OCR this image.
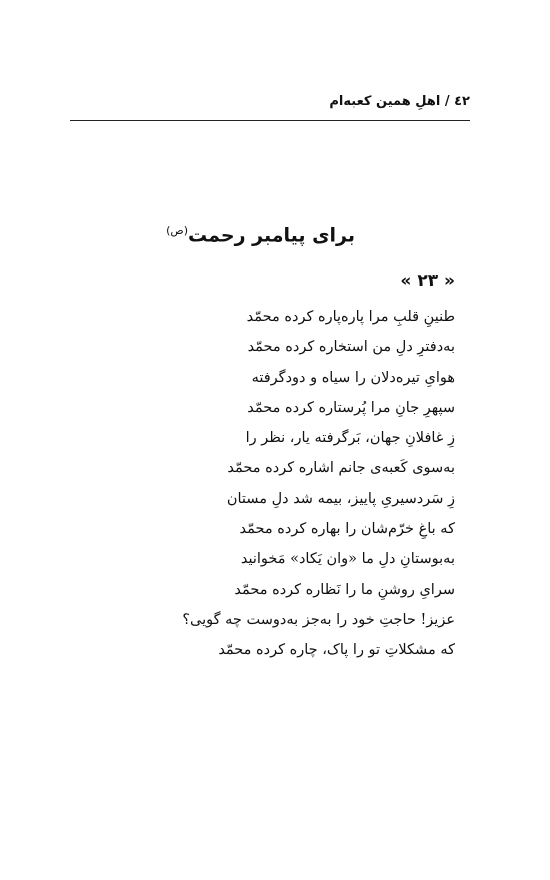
٤٢ / اهلِ همین کعبه‌ام
برای پیامبر رحمت$^{(ص)}$
« ۲۳ »
طنینِ قلبِ مرا پاره‌پاره کرده محمّد
به‌دفترِ دلِ من استخاره کرده محمّد
هوایِ تیره‌دلان را سیاه و دودگرفته
سپهرِ جانِ مرا پُرستاره کرده محمّد
زِ غافلانِ جهان، بَرگرفته یار، نظر را
به‌سوی کَعبه‌ی جانم اشاره کرده محمّد
زِ سَردسیریِ پاییز، بیمه شد دلِ مستان
که باغِ خرّم‌شان را بهاره کرده محمّد
به‌بوستانِ دلِ ما «وان یَکاد» مَخوانید
سرایِ روشنِ ما را نَظاره کرده محمّد
عزیز! حاجتِ خود را به‌جز به‌دوست چه گویی؟
که مشکلاتِ تو را پاک، چاره کرده محمّد
